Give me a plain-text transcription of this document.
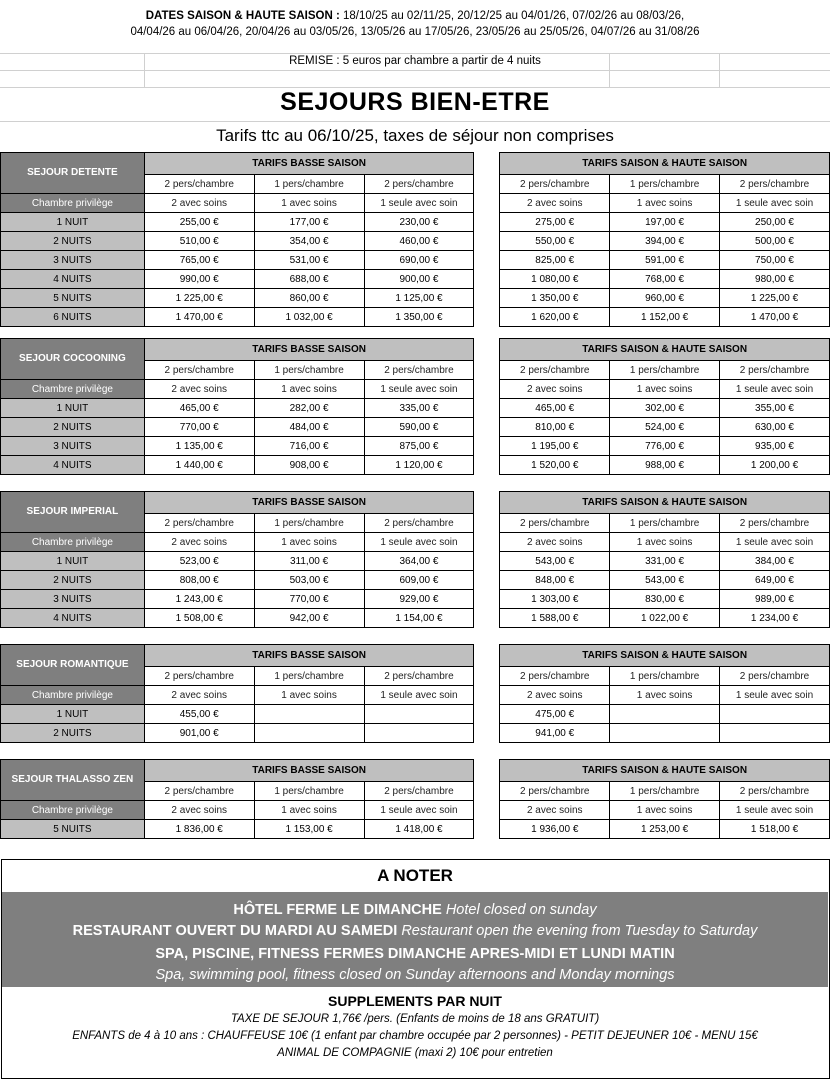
DATES SAISON & HAUTE SAISON : 18/10/25 au 02/11/25, 20/12/25 au 04/01/26, 07/02/26 au 08/03/26,
04/04/26 au 06/04/26, 20/04/26 au 03/05/26, 13/05/26 au 17/05/26, 23/05/26 au 25/05/26, 04/07/26 au 31/08/26
REMISE : 5 euros par chambre a partir de 4 nuits
SEJOURS BIEN-ETRE
Tarifs ttc au 06/10/25, taxes de séjour non comprises
SEJOUR DETENTE	TARIFS BASSE SAISON				TARIFS SAISON & HAUTE SAISON		
	2 pers/chambre	1 pers/chambre	2 pers/chambre		2 pers/chambre	1 pers/chambre	2 pers/chambre
Chambre privilège	2 avec soins	1 avec soins	1 seule avec soin		2 avec soins	1 avec soins	1 seule avec soin
1 NUIT	255,00 €	177,00 €	230,00 €		275,00 €	197,00 €	250,00 €
2 NUITS	510,00 €	354,00 €	460,00 €		550,00 €	394,00 €	500,00 €
3 NUITS	765,00 €	531,00 €	690,00 €		825,00 €	591,00 €	750,00 €
4 NUITS	990,00 €	688,00 €	900,00 €		1 080,00 €	768,00 €	980,00 €
5 NUITS	1 225,00 €	860,00 €	1 125,00 €		1 350,00 €	960,00 €	1 225,00 €
6 NUITS	1 470,00 €	1 032,00 €	1 350,00 €		1 620,00 €	1 152,00 €	1 470,00 €
SEJOUR COCOONING	TARIFS BASSE SAISON				TARIFS SAISON & HAUTE SAISON		
	2 pers/chambre	1 pers/chambre	2 pers/chambre		2 pers/chambre	1 pers/chambre	2 pers/chambre
Chambre privilège	2 avec soins	1 avec soins	1 seule avec soin		2 avec soins	1 avec soins	1 seule avec soin
1 NUIT	465,00 €	282,00 €	335,00 €		465,00 €	302,00 €	355,00 €
2 NUITS	770,00 €	484,00 €	590,00 €		810,00 €	524,00 €	630,00 €
3 NUITS	1 135,00 €	716,00 €	875,00 €		1 195,00 €	776,00 €	935,00 €
4 NUITS	1 440,00 €	908,00 €	1 120,00 €		1 520,00 €	988,00 €	1 200,00 €
SEJOUR IMPERIAL	TARIFS BASSE SAISON				TARIFS SAISON & HAUTE SAISON		
	2 pers/chambre	1 pers/chambre	2 pers/chambre		2 pers/chambre	1 pers/chambre	2 pers/chambre
Chambre privilège	2 avec soins	1 avec soins	1 seule avec soin		2 avec soins	1 avec soins	1 seule avec soin
1 NUIT	523,00 €	311,00 €	364,00 €		543,00 €	331,00 €	384,00 €
2 NUITS	808,00 €	503,00 €	609,00 €		848,00 €	543,00 €	649,00 €
3 NUITS	1 243,00 €	770,00 €	929,00 €		1 303,00 €	830,00 €	989,00 €
4 NUITS	1 508,00 €	942,00 €	1 154,00 €		1 588,00 €	1 022,00 €	1 234,00 €
SEJOUR ROMANTIQUE	TARIFS BASSE SAISON				TARIFS SAISON & HAUTE SAISON		
	2 pers/chambre	1 pers/chambre	2 pers/chambre		2 pers/chambre	1 pers/chambre	2 pers/chambre
Chambre privilège	2 avec soins	1 avec soins	1 seule avec soin		2 avec soins	1 avec soins	1 seule avec soin
1 NUIT	455,00 €				475,00 €		
2 NUITS	901,00 €				941,00 €		
SEJOUR THALASSO ZEN	TARIFS BASSE SAISON				TARIFS SAISON & HAUTE SAISON		
	2 pers/chambre	1 pers/chambre	2 pers/chambre		2 pers/chambre	1 pers/chambre	2 pers/chambre
Chambre privilège	2 avec soins	1 avec soins	1 seule avec soin		2 avec soins	1 avec soins	1 seule avec soin
5 NUITS	1 836,00 €	1 153,00 €	1 418,00 €		1 936,00 €	1 253,00 €	1 518,00 €
A NOTER
HÔTEL FERME LE DIMANCHE Hotel closed on sunday
RESTAURANT OUVERT DU MARDI AU SAMEDI Restaurant open the evening from Tuesday to Saturday
SPA, PISCINE, FITNESS FERMES DIMANCHE APRES-MIDI ET LUNDI MATIN
Spa, swimming pool, fitness closed on Sunday afternoons and Monday mornings
SUPPLEMENTS PAR NUIT
TAXE DE SEJOUR 1,76€ /pers. (Enfants de moins de 18 ans GRATUIT)
ENFANTS de 4 à 10 ans : CHAUFFEUSE 10€ (1 enfant par chambre occupée par 2 personnes) - PETIT DEJEUNER 10€ - MENU 15€
ANIMAL DE COMPAGNIE (maxi 2) 10€ pour entretien
